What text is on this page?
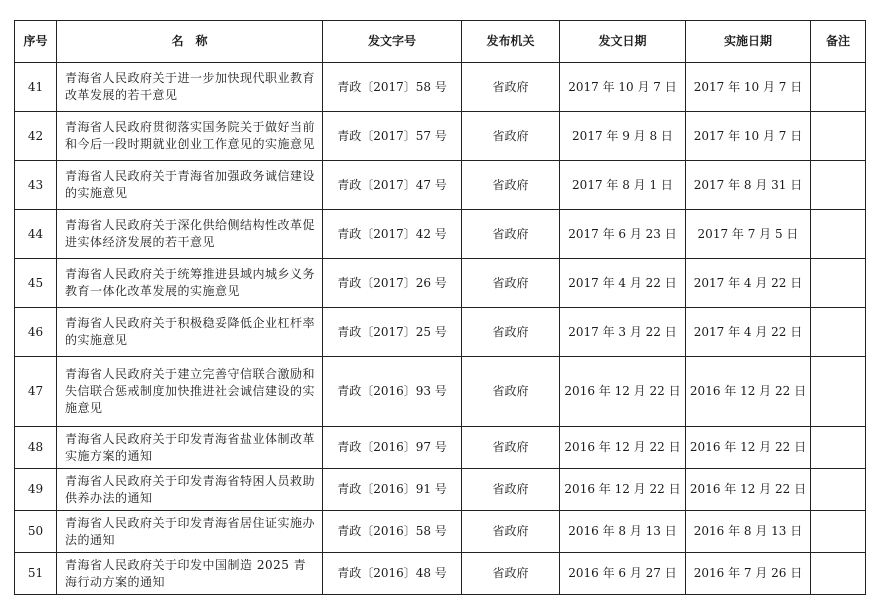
序号	名　称	发文字号	发布机关	发文日期	实施日期	备注
41	青海省人民政府关于进一步加快现代职业教育改革发展的若干意见	青政〔2017〕58 号	省政府	2017 年 10 月 7 日	2017 年 10 月 7 日	
42	青海省人民政府贯彻落实国务院关于做好当前和今后一段时期就业创业工作意见的实施意见	青政〔2017〕57 号	省政府	2017 年 9 月 8 日	2017 年 10 月 7 日	
43	青海省人民政府关于青海省加强政务诚信建设的实施意见	青政〔2017〕47 号	省政府	2017 年 8 月 1 日	2017 年 8 月 31 日	
44	青海省人民政府关于深化供给侧结构性改革促进实体经济发展的若干意见	青政〔2017〕42 号	省政府	2017 年 6 月 23 日	2017 年 7 月 5 日	
45	青海省人民政府关于统筹推进县域内城乡义务教育一体化改革发展的实施意见	青政〔2017〕26 号	省政府	2017 年 4 月 22 日	2017 年 4 月 22 日	
46	青海省人民政府关于积极稳妥降低企业杠杆率的实施意见	青政〔2017〕25 号	省政府	2017 年 3 月 22 日	2017 年 4 月 22 日	
47	青海省人民政府关于建立完善守信联合激励和失信联合惩戒制度加快推进社会诚信建设的实施意见	青政〔2016〕93 号	省政府	2016 年 12 月 22 日	2016 年 12 月 22 日	
48	青海省人民政府关于印发青海省盐业体制改革实施方案的通知	青政〔2016〕97 号	省政府	2016 年 12 月 22 日	2016 年 12 月 22 日	
49	青海省人民政府关于印发青海省特困人员救助供养办法的通知	青政〔2016〕91 号	省政府	2016 年 12 月 22 日	2016 年 12 月 22 日	
50	青海省人民政府关于印发青海省居住证实施办法的通知	青政〔2016〕58 号	省政府	2016 年 8 月 13 日	2016 年 8 月 13 日	
51	青海省人民政府关于印发中国制造 2025 青海行动方案的通知	青政〔2016〕48 号	省政府	2016 年 6 月 27 日	2016 年 7 月 26 日	
